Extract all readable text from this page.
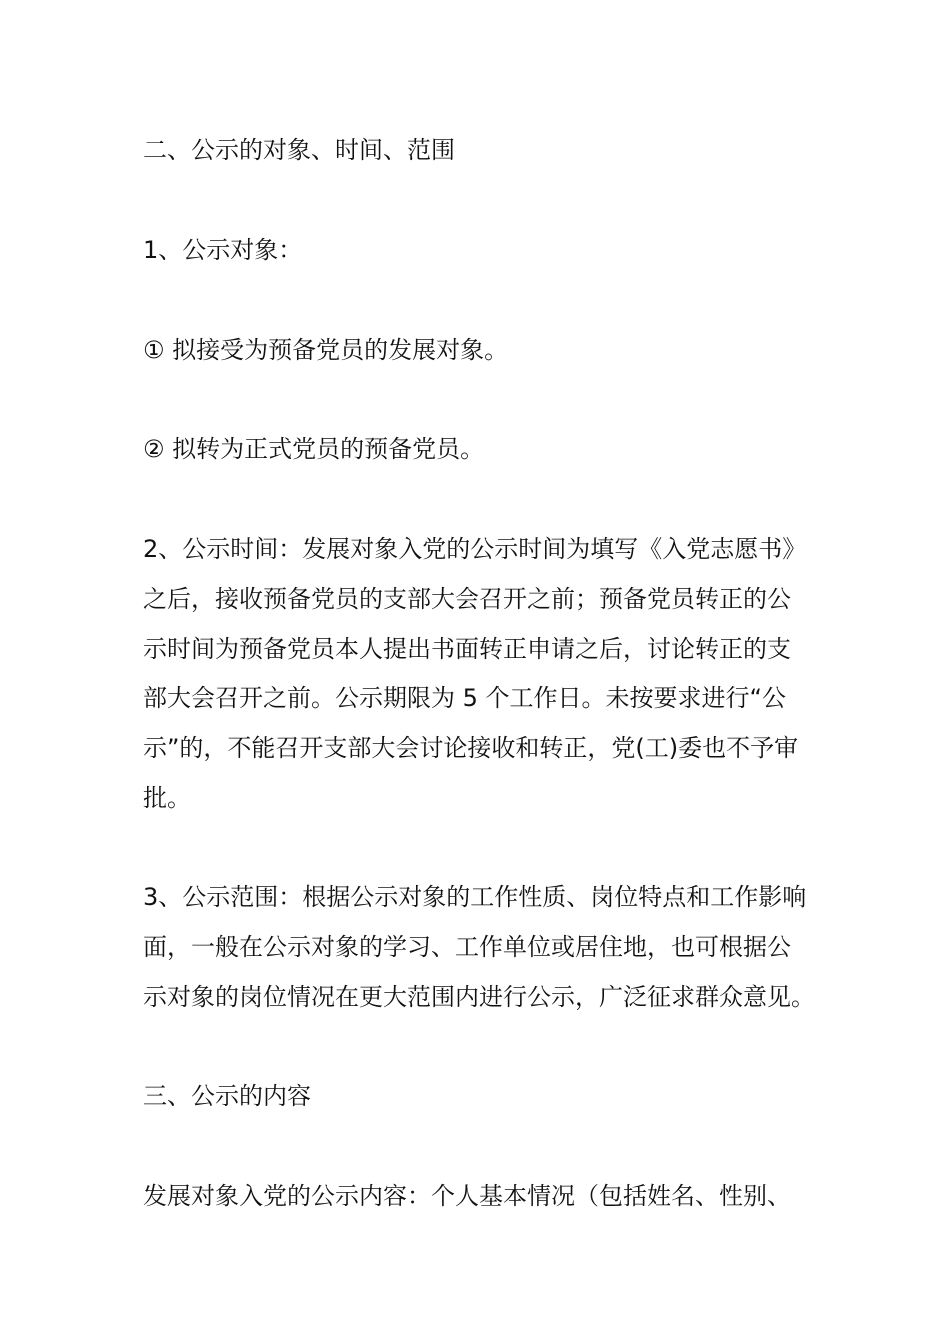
二、公示的对象、时间、范围
1、公示对象：
① 拟接受为预备党员的发展对象。
② 拟转为正式党员的预备党员。
2、公示时间：发展对象入党的公示时间为填写《入党志愿书》
之后，接收预备党员的支部大会召开之前；预备党员转正的公
示时间为预备党员本人提出书面转正申请之后，讨论转正的支
部大会召开之前。公示期限为 5 个工作日。未按要求进行“公
示”的，不能召开支部大会讨论接收和转正，党(工)委也不予审
批。
3、公示范围：根据公示对象的工作性质、岗位特点和工作影响
面，一般在公示对象的学习、工作单位或居住地，也可根据公
示对象的岗位情况在更大范围内进行公示，广泛征求群众意见。
三、公示的内容
发展对象入党的公示内容：个人基本情况（包括姓名、性别、
